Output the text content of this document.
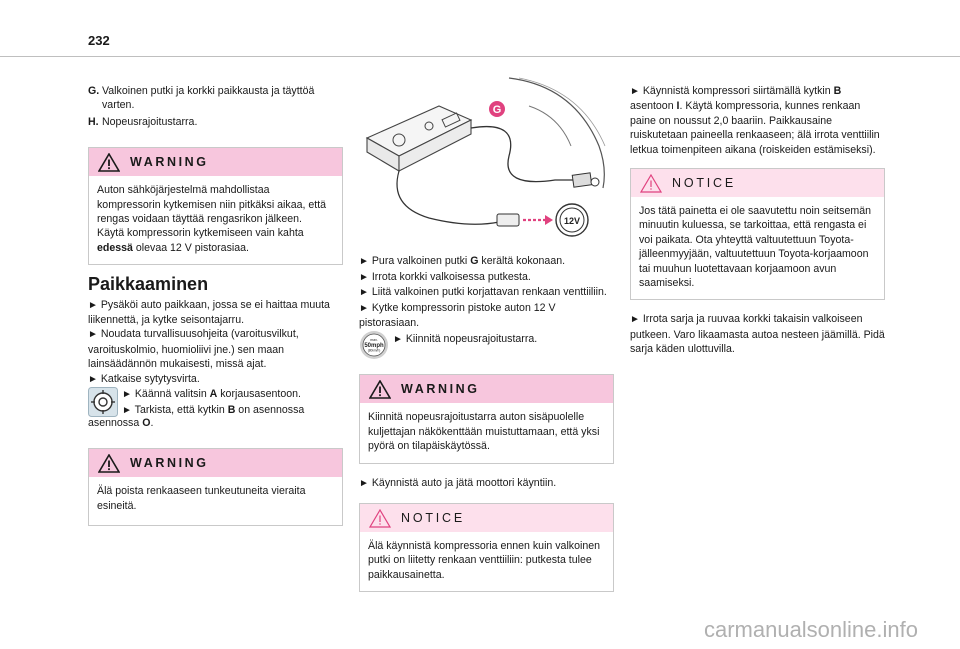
232
G. Valkoinen putki ja korkki paikkausta ja täyttöä varten.
H. Nopeusrajoitustarra.
WARNING

Auton sähköjärjestelmä mahdollistaa kompressorin kytkemisen niin pitkäksi aikaa, että rengas voidaan täyttää rengasrikon jälkeen.

Käytä kompressorin kytkemiseen vain kahta edessä olevaa 12 V pistorasiaa.

Paikkaaminen

► Pysäköi auto paikkaan, jossa se ei haittaa muuta liikennettä, ja kytke seisontajarru.

► Noudata turvallisuusohjeita (varoitusvilkut, varoituskolmio, huomioliivi jne.) sen maan lainsäädännön mukaisesti, missä ajat.

► Katkaise sytytysvirta.

► Käännä valitsin A korjausasentoon.

► Tarkista, että kytkin B on asennossa

asennossa O.

WARNING

Älä poista renkaaseen tunkeutuneita vieraita esineitä.

G
12V

► Pura valkoinen putki G kerältä kokonaan.

► Irrota korkki valkoisessa putkesta.

► Liitä valkoinen putki korjattavan renkaan venttiiliin.

► Kytke kompressorin pistoke auton 12 V pistorasiaan.

max.
50mph
(80km/h)

► Kiinnitä nopeusrajoitustarra.

WARNING

Kiinnitä nopeusrajoitustarra auton sisäpuolelle kuljettajan näkökenttään muistuttamaan, että yksi pyörä on tilapäiskäytössä.

► Käynnistä auto ja jätä moottori käyntiin.

NOTICE

Älä käynnistä kompressoria ennen kuin valkoinen putki on liitetty renkaan venttiiliin: putkesta tulee paikkausainetta.

► Käynnistä kompressori siirtämällä kytkin B asentoon I. Käytä kompressoria, kunnes renkaan paine on noussut 2,0 baariin. Paikkausaine ruiskutetaan paineella renkaaseen; älä irrota venttiilin letkua toimenpiteen aikana (roiskeiden estämiseksi).

NOTICE

Jos tätä painetta ei ole saavutettu noin seitsemän minuutin kuluessa, se tarkoittaa, että rengasta ei voi paikata. Ota yhteyttä valtuutettuun Toyota-jälleenmyyjään, valtuutettuun Toyota-korjaamoon tai muuhun luotettavaan korjaamoon avun saamiseksi.

► Irrota sarja ja ruuvaa korkki takaisin valkoiseen putkeen. Varo likaamasta autoa nesteen jäämillä. Pidä sarja käden ulottuvilla.

carmanualsonline.info
